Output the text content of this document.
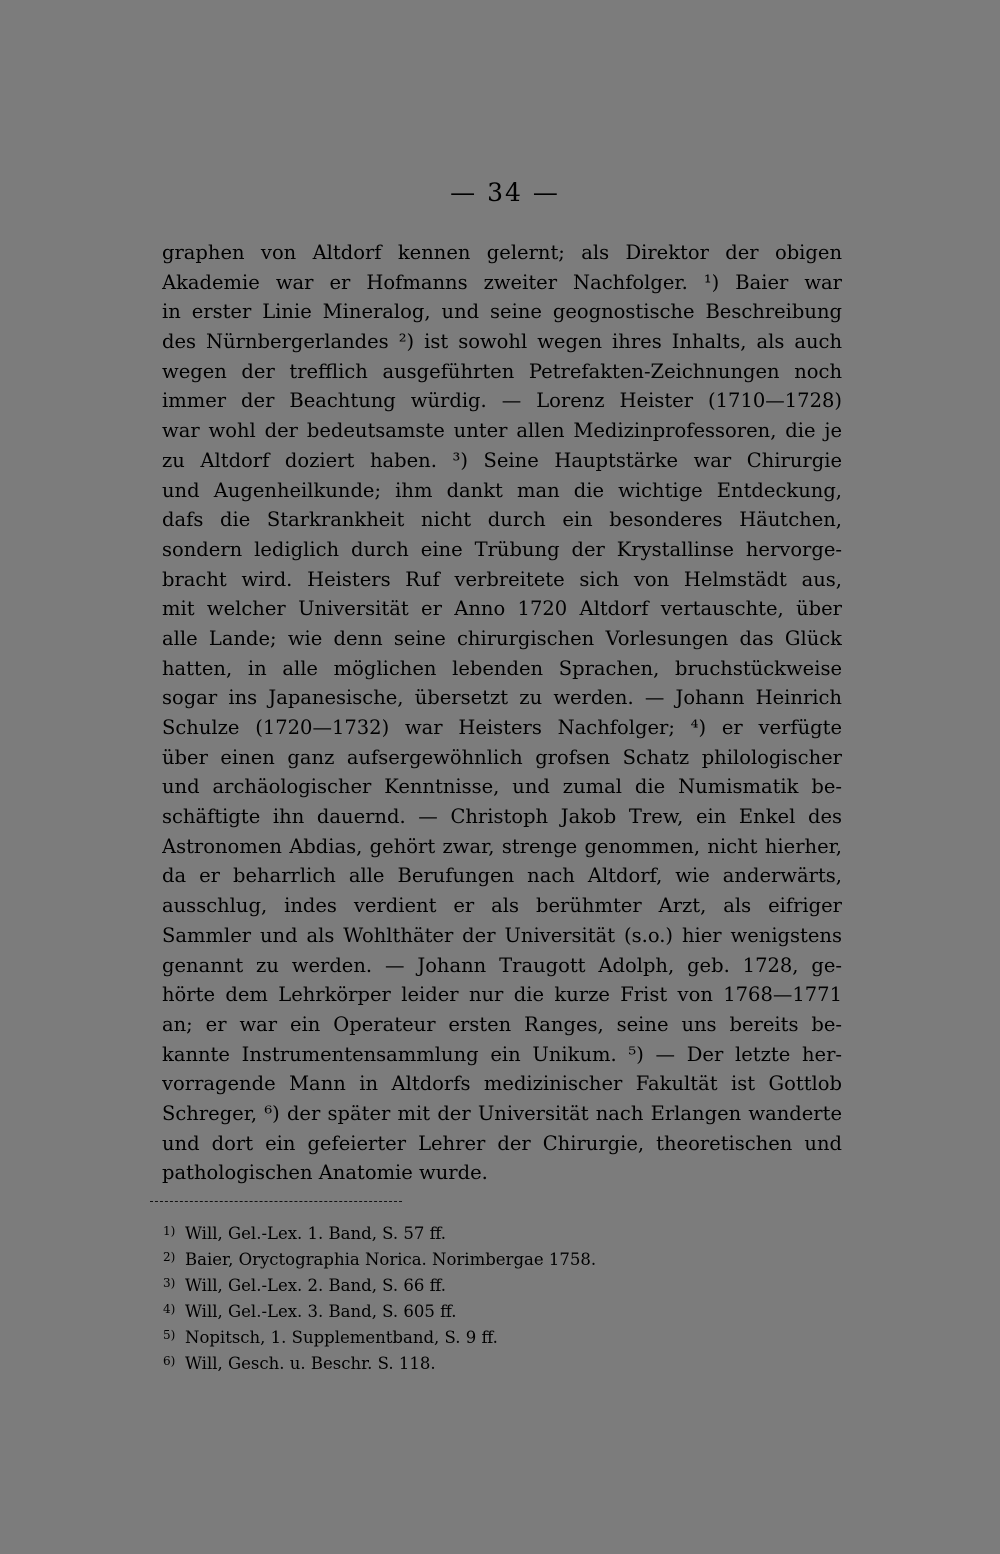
— 34 —
graphen von Altdorf kennen gelernt; als Direktor der obigen
Akademie war er Hofmanns zweiter Nachfolger. ¹) Baier war
in erster Linie Mineralog, und seine geognostische Beschreibung
des Nürnbergerlandes ²) ist sowohl wegen ihres Inhalts, als auch
wegen der trefflich ausgeführten Petrefakten-Zeichnungen noch
immer der Beachtung würdig. — Lorenz Heister (1710—1728)
war wohl der bedeutsamste unter allen Medizinprofessoren, die je
zu Altdorf doziert haben. ³) Seine Hauptstärke war Chirurgie
und Augenheilkunde; ihm dankt man die wichtige Entdeckung,
dafs die Starkrankheit nicht durch ein besonderes Häutchen,
sondern lediglich durch eine Trübung der Krystallinse hervorge-
bracht wird. Heisters Ruf verbreitete sich von Helmstädt aus,
mit welcher Universität er Anno 1720 Altdorf vertauschte, über
alle Lande; wie denn seine chirurgischen Vorlesungen das Glück
hatten, in alle möglichen lebenden Sprachen, bruchstückweise
sogar ins Japanesische, übersetzt zu werden. — Johann Heinrich
Schulze (1720—1732) war Heisters Nachfolger; ⁴) er verfügte
über einen ganz aufsergewöhnlich grofsen Schatz philologischer
und archäologischer Kenntnisse, und zumal die Numismatik be-
schäftigte ihn dauernd. — Christoph Jakob Trew, ein Enkel des
Astronomen Abdias, gehört zwar, strenge genommen, nicht hierher,
da er beharrlich alle Berufungen nach Altdorf, wie anderwärts,
ausschlug, indes verdient er als berühmter Arzt, als eifriger
Sammler und als Wohlthäter der Universität (s.o.) hier wenigstens
genannt zu werden. — Johann Traugott Adolph, geb. 1728, ge-
hörte dem Lehrkörper leider nur die kurze Frist von 1768—1771
an; er war ein Operateur ersten Ranges, seine uns bereits be-
kannte Instrumentensammlung ein Unikum. ⁵) — Der letzte her-
vorragende Mann in Altdorfs medizinischer Fakultät ist Gottlob
Schreger, ⁶) der später mit der Universität nach Erlangen wanderte
und dort ein gefeierter Lehrer der Chirurgie, theoretischen und
pathologischen Anatomie wurde.
1) Will, Gel.-Lex. 1. Band, S. 57 ff.
2) Baier, Oryctographia Norica. Norimbergae 1758.
3) Will, Gel.-Lex. 2. Band, S. 66 ff.
4) Will, Gel.-Lex. 3. Band, S. 605 ff.
5) Nopitsch, 1. Supplementband, S. 9 ff.
6) Will, Gesch. u. Beschr. S. 118.
